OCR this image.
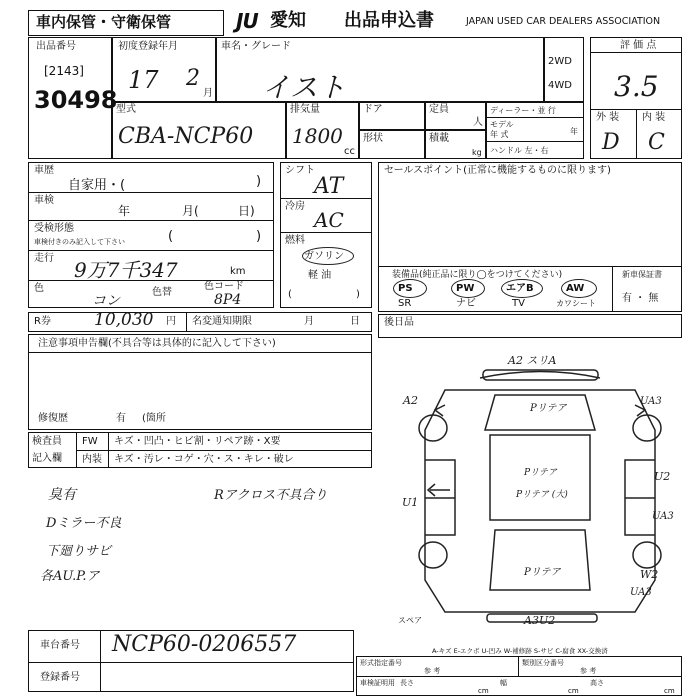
車内保管・守衛保管	JU 愛知 出品申込書	JAPAN USED CAR DEALERS ASSOCIATION
出品番号
[2143]
30498
初度登録年月
17 2
月
車名・グレード
イスト
2WD
4WD
型式
CBA-NCP60
排気量
1800
cc
ドア
形状
定員
人
積載
kg
ディーラー・並 行
モデル
年 式	年
ハンドル 左・右
評 価 点
3.5
外 装 内 装
D C
車歴
自家用・(	)
車検
年	月(	日)
受検形態
車検付きのみ記入して下さい	(	)
走行 9万7千347	km
色
コン
色替
色コード
8P4
シフト
AT
冷房
AC
燃料
ガソリン
軽 油
(	)
セールスポイント(正常に機能するものに限ります)
装備品(純正品に限り◯をつけてください)	新車保証書
有 ・ 無
PS	PW	エアB	AW
SR	ナビ	TV	カワシート
R券	10,030 円 名変通知期限	月	日 後日品
注意事項申告欄(不具合等は具体的に記入して下さい)
修復歴	有 (箇所
検査員
記入欄
FW キズ・凹凸・ヒビ割・リペア跡・X要
内装 キズ・汚レ・コゲ・穴・ス・キレ・破レ
臭有	Rアクロス不具合り
Dミラー不良
下廻りサビ
各AU.P.ア
A2 スリA
A2	UA3
Pリテア
Pリテア
Pリテア (大)
U1
U2
UA3
Pリテア	W2
UA3
A3U2
スペア
A-キズ E-エクボ U-凹み W-補修跡 S-サビ C-腐食 XX-交換済
車台番号 NCP60-0206557
登録番号
形式指定番号
参 考
類別区分番号
参 考
車検証明用 長さ
cm
幅
cm
高さ
cm
